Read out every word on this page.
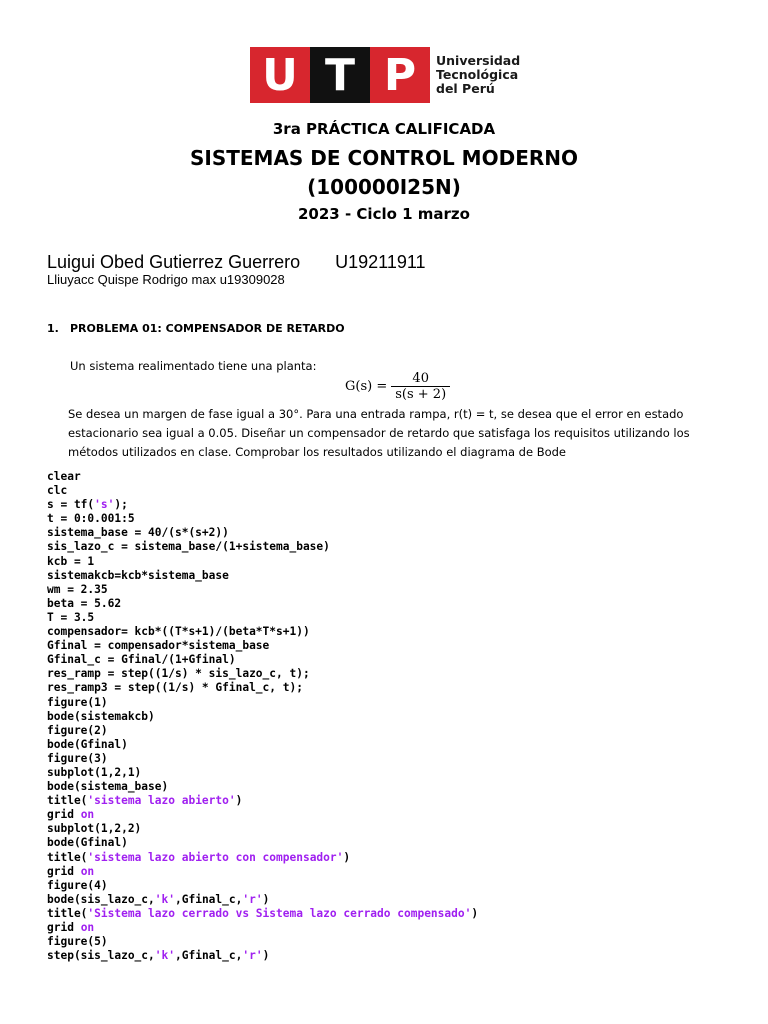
U T P	Universidad
Tecnológica
del Perú
3ra PRÁCTICA CALIFICADA
SISTEMAS DE CONTROL MODERNO
(100000I25N)
2023 - Ciclo 1 marzo
Luigui Obed Gutierrez Guerrero       U19211911
Lliuyacc Quispe Rodrigo max u19309028
1. PROBLEMA 01: COMPENSADOR DE RETARDO
Un sistema realimentado tiene una planta:
$G(s) = \frac{40}{s(s + 2)}$
Se desea un margen de fase igual a 30°. Para una entrada rampa, r(t) = t, se desea que el error en estado estacionario sea igual a 0.05. Diseñar un compensador de retardo que satisfaga los requisitos utilizando los métodos utilizados en clase. Comprobar los resultados utilizando el diagrama de Bode
clear
clc
s = tf('s');
t = 0:0.001:5
sistema_base = 40/(s*(s+2))
sis_lazo_c = sistema_base/(1+sistema_base)
kcb = 1
sistemakcb=kcb*sistema_base
wm = 2.35
beta = 5.62
T = 3.5
compensador= kcb*((T*s+1)/(beta*T*s+1))
Gfinal = compensador*sistema_base
Gfinal_c = Gfinal/(1+Gfinal)
res_ramp = step((1/s) * sis_lazo_c, t);
res_ramp3 = step((1/s) * Gfinal_c, t);
figure(1)
bode(sistemakcb)
figure(2)
bode(Gfinal)
figure(3)
subplot(1,2,1)
bode(sistema_base)
title('sistema lazo abierto')
grid on
subplot(1,2,2)
bode(Gfinal)
title('sistema lazo abierto con compensador')
grid on
figure(4)
bode(sis_lazo_c,'k',Gfinal_c,'r')
title('Sistema lazo cerrado vs Sistema lazo cerrado compensado')
grid on
figure(5)
step(sis_lazo_c,'k',Gfinal_c,'r')
